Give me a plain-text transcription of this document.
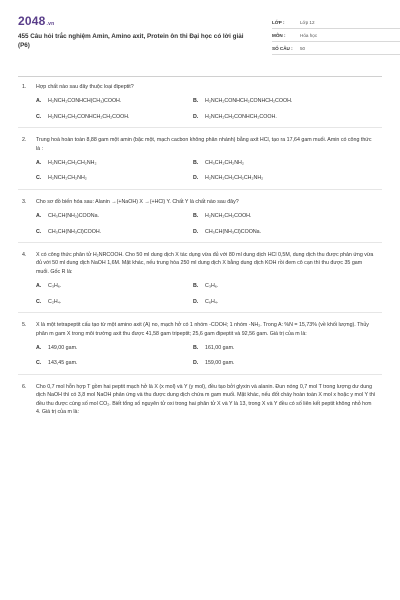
2048.vn
455 Câu hỏi trắc nghiệm Amin, Amino axit, Protein ôn thi Đại học có lời giải (P6)
LỚP :	Lớp 12
MÔN :	Hóa học
SỐ CÂU :	50
1. Hợp chất nào sau đây thuộc loại đipeptit?
A.	H₂NCH₂CONHCH(CH₃)COOH.	B.	H₂NCH₂CONHCH₂CONHCH₂COOH.
C.	H₂NCH₂CH₂CONHCH₂CH₂COOH.	D.	H₂NCH₂CH₂CONHCH₂COOH.
2. Trung hoà hoàn toàn 8,88 gam một amin (bậc một, mạch cacbon không phân nhánh) bằng axit HCl, tạo ra 17,64 gam muối. Amin có công thức là :
A.	H₂NCH₂CH₂CH₂NH₂	B.	CH₃CH₂CH₂NH₂
C.	H₂NCH₂CH₂NH₂	D.	H₂NCH₂CH₂CH₂CH₂NH₂
3. Cho sơ đồ biến hóa sau: Alanin →(+NaOH) X →(+HCl) Y. Chất Y là chất nào sau đây?
A.	CH₃CH(NH₂)COONa.	B.	H₂NCH₂CH₂COOH.
C.	CH₃CH(NH₃Cl)COOH.	D.	CH₃CH(NH₃Cl)COONa.
4. X có công thức phân tử H₂NRCOOH. Cho 50 ml dung dịch X tác dụng vừa đủ với 80 ml dung dịch HCl 0,5M, dung dịch thu được phản ứng vừa đủ với 50 ml dung dịch NaOH 1,6M. Mặt khác, nếu trung hòa 250 ml dung dịch X bằng dung dịch KOH rồi đem cô cạn thì thu được 35 gam muối. Gốc R là:
A.	C₃H₆.	B.	C₃H₆.
C.	C₂H₄.	D.	C₆H₄.
5. X là một tetrapeptit cấu tạo từ một amino axit (A) no, mạch hở có 1 nhóm -COOH; 1 nhóm -NH₂. Trong A: %N = 15,73% (về khối lượng). Thủy phân m gam X trong môi trường axit thu được 41,58 gam tripeptit; 25,6 gam đipeptit và 92,56 gam. Giá trị của m là:
A.	149,00 gam.	B.	161,00 gam.
C.	143,45 gam.	D.	159,00 gam.
6. Cho 0,7 mol hỗn hợp T gồm hai peptit mạch hở là X (x mol) và Y (y mol), đều tạo bởi glyxin và alanin. Đun nóng 0,7 mol T trong lượng dư dung dịch NaOH thì có 3,8 mol NaOH phản ứng và thu được dung dịch chứa m gam muối. Mặt khác, nếu đốt cháy hoàn toàn X mol x hoặc y mol Y thì đều thu được cùng số mol CO₂. Biết tổng số nguyên tử oxi trong hai phân tử X và Y là 13, trong X và Y đều có số liên kết peptit không nhỏ hơn 4. Giá trị của m là:
